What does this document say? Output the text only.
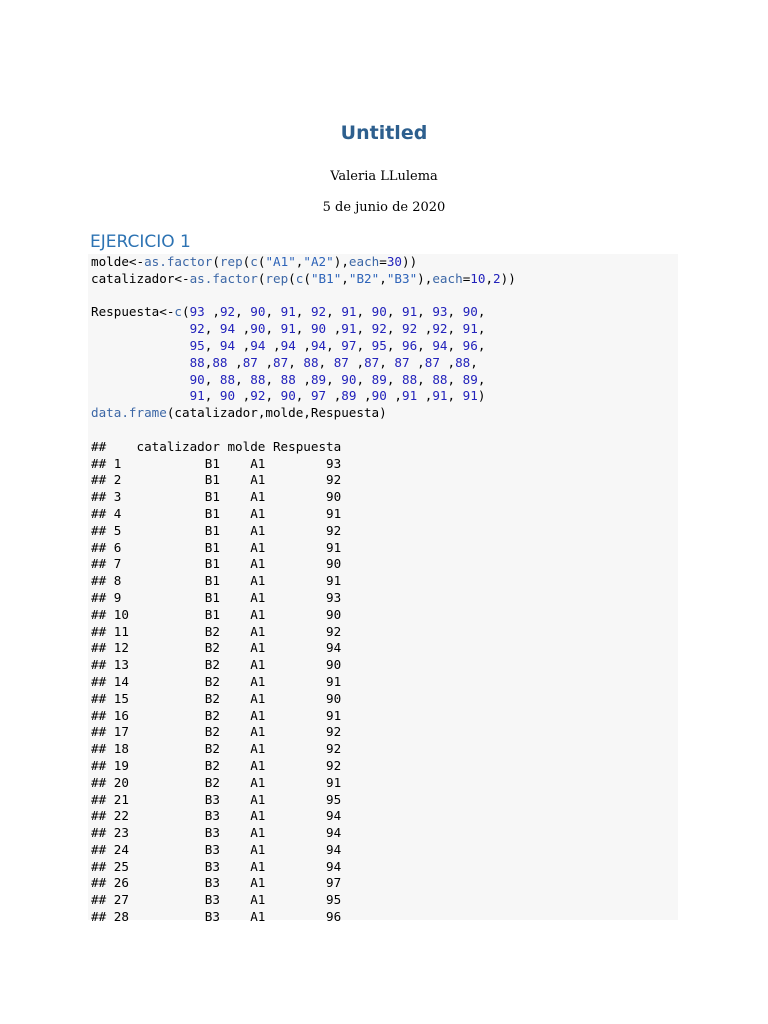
Untitled
Valeria LLulema
5 de junio de 2020
EJERCICIO 1
molde<-as.factor(rep(c("A1","A2"),each=30))
catalizador<-as.factor(rep(c("B1","B2","B3"),each=10,2))

Respuesta<-c(93 ,92, 90, 91, 92, 91, 90, 91, 93, 90,
92, 94 ,90, 91, 90 ,91, 92, 92 ,92, 91,
95, 94 ,94 ,94 ,94, 97, 95, 96, 94, 96,
88,88 ,87 ,87, 88, 87 ,87, 87 ,87 ,88,
90, 88, 88, 88 ,89, 90, 89, 88, 88, 89,
91, 90 ,92, 90, 97 ,89 ,90 ,91 ,91, 91)
data.frame(catalizador,molde,Respuesta)

##    catalizador molde Respuesta
## 1           B1    A1        93
## 2           B1    A1        92
## 3           B1    A1        90
## 4           B1    A1        91
## 5           B1    A1        92
## 6           B1    A1        91
## 7           B1    A1        90
## 8           B1    A1        91
## 9           B1    A1        93
## 10          B1    A1        90
## 11          B2    A1        92
## 12          B2    A1        94
## 13          B2    A1        90
## 14          B2    A1        91
## 15          B2    A1        90
## 16          B2    A1        91
## 17          B2    A1        92
## 18          B2    A1        92
## 19          B2    A1        92
## 20          B2    A1        91
## 21          B3    A1        95
## 22          B3    A1        94
## 23          B3    A1        94
## 24          B3    A1        94
## 25          B3    A1        94
## 26          B3    A1        97
## 27          B3    A1        95
## 28          B3    A1        96
